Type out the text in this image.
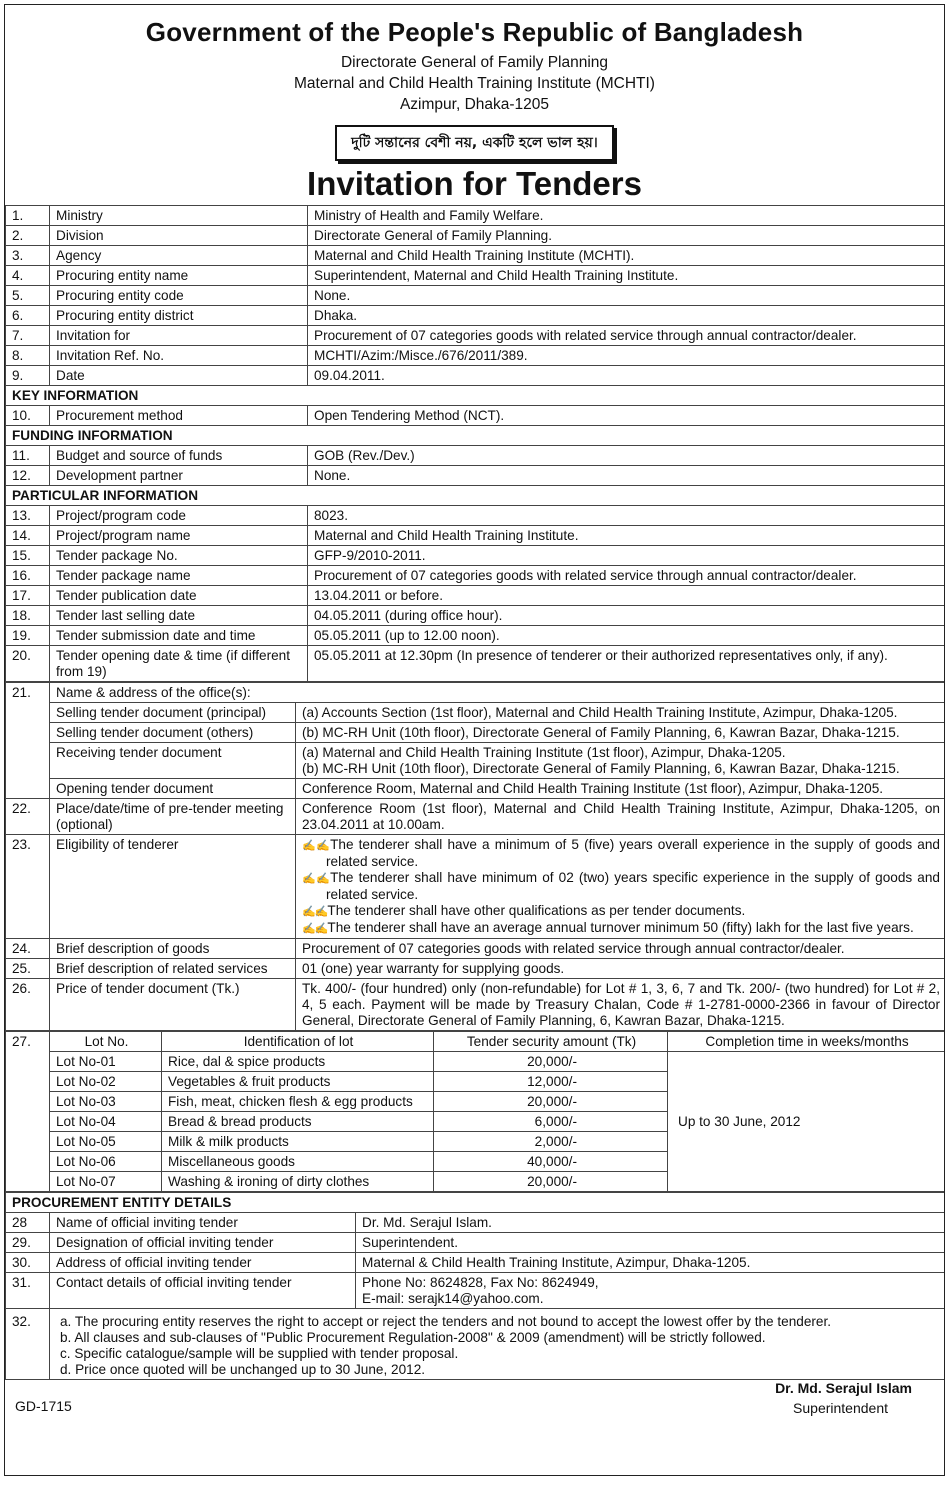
Government of the People's Republic of Bangladesh
Directorate General of Family Planning
Maternal and Child Health Training Institute (MCHTI)
Azimpur, Dhaka-1205
দুটি সন্তানের বেশী নয়, একটি হলে ভাল হয়।
Invitation for Tenders
1.	Ministry	Ministry of Health and Family Welfare.
2.	Division	Directorate General of Family Planning.
3.	Agency	Maternal and Child Health Training Institute (MCHTI).
4.	Procuring entity name	Superintendent, Maternal and Child Health Training Institute.
5.	Procuring entity code	None.
6.	Procuring entity district	Dhaka.
7.	Invitation for	Procurement of 07 categories goods with related service through annual contractor/dealer.
8.	Invitation Ref. No.	MCHTI/Azim:/Misce./676/2011/389.
9.	Date	09.04.2011.
KEY INFORMATION		
10.	Procurement method	Open Tendering Method (NCT).
FUNDING INFORMATION		
11.	Budget and source of funds	GOB (Rev./Dev.)
12.	Development partner	None.
PARTICULAR INFORMATION		
13.	Project/program code	8023.
14.	Project/program name	Maternal and Child Health Training Institute.
15.	Tender package No.	GFP-9/2010-2011.
16.	Tender package name	Procurement of 07 categories goods with related service through annual contractor/dealer.
17.	Tender publication date	13.04.2011 or before.
18.	Tender last selling date	04.05.2011 (during office hour).
19.	Tender submission date and time	05.05.2011 (up to 12.00 noon).
20.	Tender opening date & time (if different from 19)	05.05.2011 at 12.30pm (In presence of tenderer or their authorized representatives only, if any).
21.	Name & address of the office(s):	
	Selling tender document (principal)	(a) Accounts Section (1st floor), Maternal and Child Health Training Institute, Azimpur, Dhaka-1205.
	Selling tender document (others)	(b) MC-RH Unit (10th floor), Directorate General of Family Planning, 6, Kawran Bazar, Dhaka-1215.
	Receiving tender document	(a) Maternal and Child Health Training Institute (1st floor), Azimpur, Dhaka-1205.
(b) MC-RH Unit (10th floor), Directorate General of Family Planning, 6, Kawran Bazar, Dhaka-1215.

	Opening tender document	Conference Room, Maternal and Child Health Training Institute (1st floor), Azimpur, Dhaka-1205.
22.	Place/date/time of pre-tender meeting (optional)	Conference Room (1st floor), Maternal and Child Health Training Institute, Azimpur, Dhaka-1205, on 23.04.2011 at 10.00am.
23.	Eligibility of tenderer	✍✍The tenderer shall have a minimum of 5 (five) years overall experience in the supply of goods and related service.
✍✍The tenderer shall have minimum of 02 (two) years specific experience in the supply of goods and related service.
✍✍The tenderer shall have other qualifications as per tender documents.
✍✍The tenderer shall have an average annual turnover minimum 50 (fifty) lakh for the last five years.

24.	Brief description of goods	Procurement of 07 categories goods with related service through annual contractor/dealer.
25.	Brief description of related services	01 (one) year warranty for supplying goods.
26.	Price of tender document (Tk.)	Tk. 400/- (four hundred) only (non-refundable) for Lot # 1, 3, 6, 7 and Tk. 200/- (two hundred) for Lot # 2, 4, 5 each. Payment will be made by Treasury Chalan, Code # 1-2781-0000-2366 in favour of Director General, Directorate General of Family Planning, 6, Kawran Bazar, Dhaka-1215.
27.	Lot No.	Identification of lot	Tender security amount (Tk)	Completion time in weeks/months
	Lot No-01	Rice, dal & spice products	20,000/-	Up to 30 June, 2012
	Lot No-02	Vegetables & fruit products	12,000/-	
	Lot No-03	Fish, meat, chicken flesh & egg products	20,000/-	
	Lot No-04	Bread & bread products	6,000/-	
	Lot No-05	Milk & milk products	2,000/-	
	Lot No-06	Miscellaneous goods	40,000/-	
	Lot No-07	Washing & ironing of dirty clothes	20,000/-	
PROCUREMENT ENTITY DETAILS		
28	Name of official inviting tender	Dr. Md. Serajul Islam.
29.	Designation of official inviting tender	Superintendent.
30.	Address of official inviting tender	Maternal & Child Health Training Institute, Azimpur, Dhaka-1205.
31.	Contact details of official inviting tender	Phone No: 8624828, Fax No: 8624949,
E-mail: serajk14@yahoo.com.

32.	a. The procuring entity reserves the right to accept or reject the tenders and not bound to accept the lowest offer by the tenderer.
b. All clauses and sub-clauses of "Public Procurement Regulation-2008" & 2009 (amendment) will be strictly followed.
c. Specific catalogue/sample will be supplied with tender proposal.
d. Price once quoted will be unchanged up to 30 June, 2012.	
GD-1715
Dr. Md. Serajul Islam
Superintendent
